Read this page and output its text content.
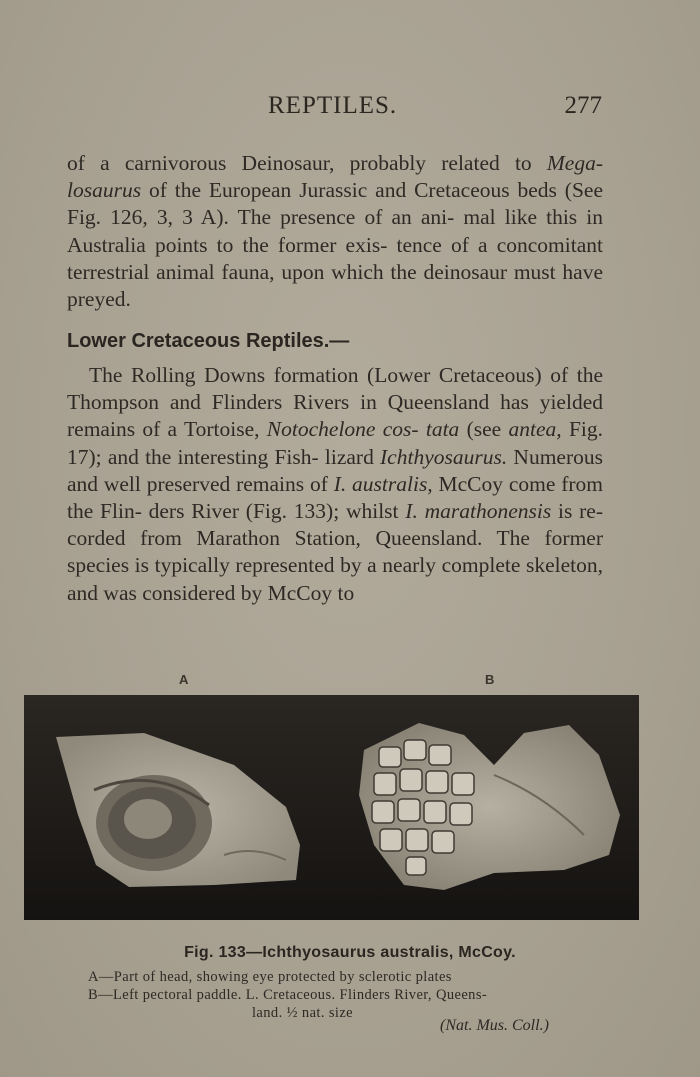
REPTILES.	277
of a carnivorous Deinosaur, probably related to Mega- losaurus of the European Jurassic and Cretaceous beds (See Fig. 126, 3, 3 A). The presence of an ani- mal like this in Australia points to the former exis- tence of a concomitant terrestrial animal fauna, upon which the deinosaur must have preyed.
Lower Cretaceous Reptiles.—
The Rolling Downs formation (Lower Cretaceous) of the Thompson and Flinders Rivers in Queensland has yielded remains of a Tortoise, Notochelone cos- tata (see antea, Fig. 17); and the interesting Fish- lizard Ichthyosaurus. Numerous and well preserved remains of I. australis, McCoy come from the Flin- ders River (Fig. 133); whilst I. marathonensis is re- corded from Marathon Station, Queensland. The former species is typically represented by a nearly complete skeleton, and was considered by McCoy to
A	B
Fig. 133—Ichthyosaurus australis, McCoy.
A—Part of head, showing eye protected by sclerotic plates
B—Left pectoral paddle. L. Cretaceous. Flinders River, Queens-
land. ½ nat. size
(Nat. Mus. Coll.)
